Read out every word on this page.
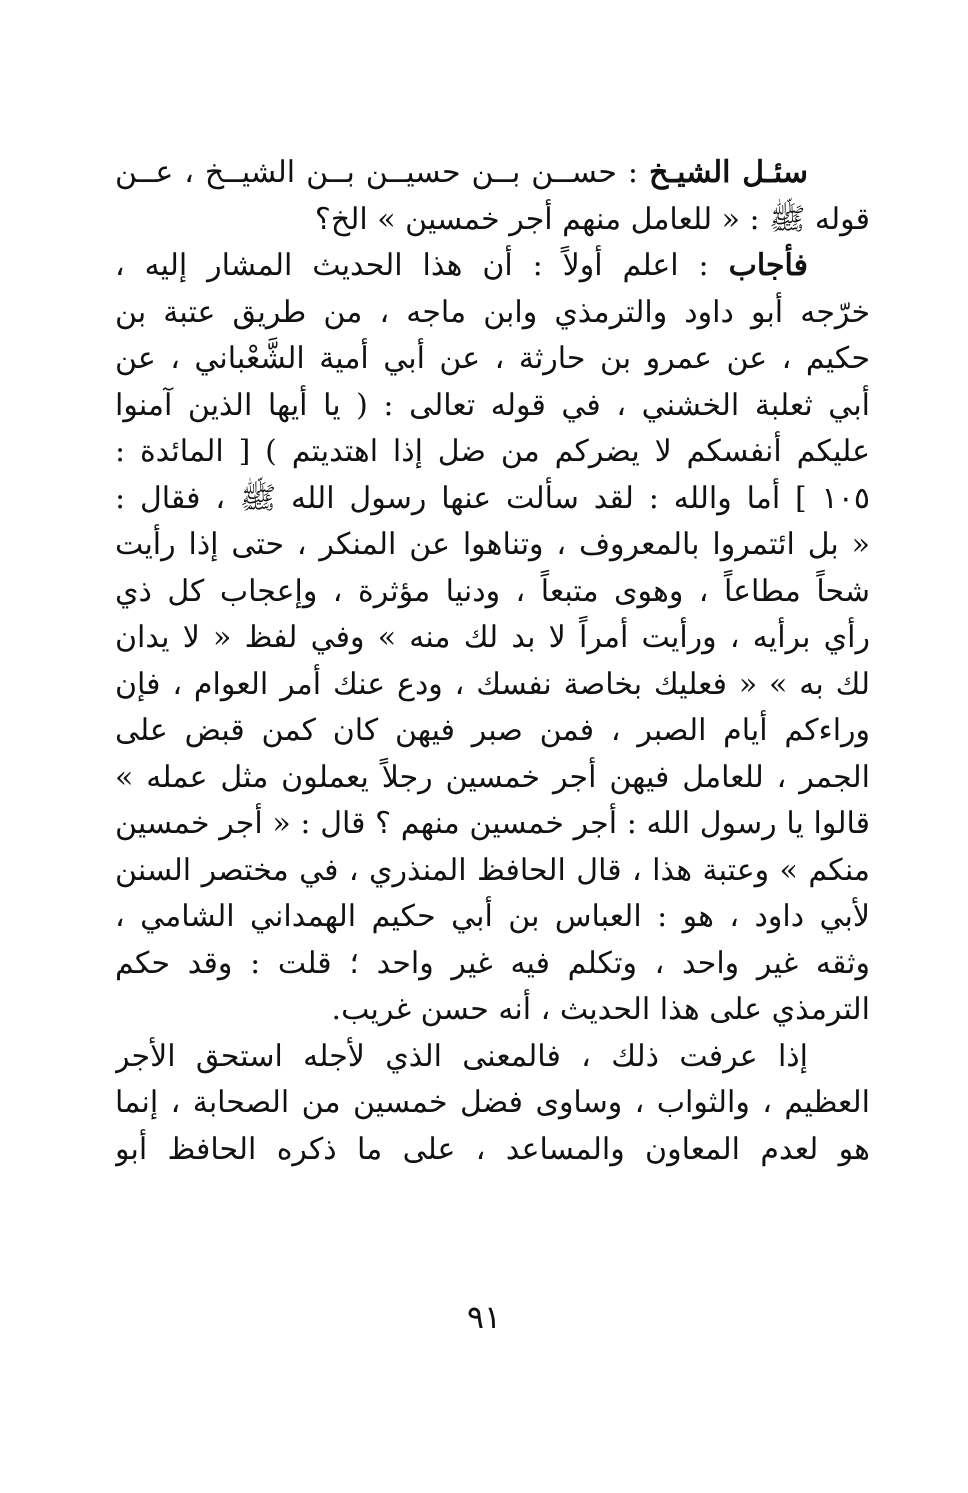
سئـل الشيـخ : حســن بــن حسيــن بــن الشيــخ ، عــن
قوله ﷺ : « للعامل منهم أجر خمسين » الخ؟
فأجاب : اعلم أولاً : أن هذا الحديث المشار إليه ،
خرّجه أبو داود والترمذي وابن ماجه ، من طريق عتبة بن
حكيم ، عن عمرو بن حارثة ، عن أبي أمية الشَّعْباني ، عن
أبي ثعلبة الخشني ، في قوله تعالى : ( يا أيها الذين آمنوا
عليكم أنفسكم لا يضركم من ضل إذا اهتديتم ) [ المائدة :
١٠٥ ] أما والله : لقد سألت عنها رسول الله ﷺ ، فقال :
« بل ائتمروا بالمعروف ، وتناهوا عن المنكر ، حتى إذا رأيت
شحاً مطاعاً ، وهوى متبعاً ، ودنيا مؤثرة ، وإعجاب كل ذي
رأي برأيه ، ورأيت أمراً لا بد لك منه » وفي لفظ « لا يدان
لك به » « فعليك بخاصة نفسك ، ودع عنك أمر العوام ، فإن
وراءكم أيام الصبر ، فمن صبر فيهن كان كمن قبض على
الجمر ، للعامل فيهن أجر خمسين رجلاً يعملون مثل عمله »
قالوا يا رسول الله : أجر خمسين منهم ؟ قال : « أجر خمسين
منكم » وعتبة هذا ، قال الحافظ المنذري ، في مختصر السنن
لأبي داود ، هو : العباس بن أبي حكيم الهمداني الشامي ،
وثقه غير واحد ، وتكلم فيه غير واحد ؛ قلت : وقد حكم
الترمذي على هذا الحديث ، أنه حسن غريب.
إذا عرفت ذلك ، فالمعنى الذي لأجله استحق الأجر
العظيم ، والثواب ، وساوى فضل خمسين من الصحابة ، إنما
هو لعدم المعاون والمساعد ، على ما ذكره الحافظ أبو
٩١
